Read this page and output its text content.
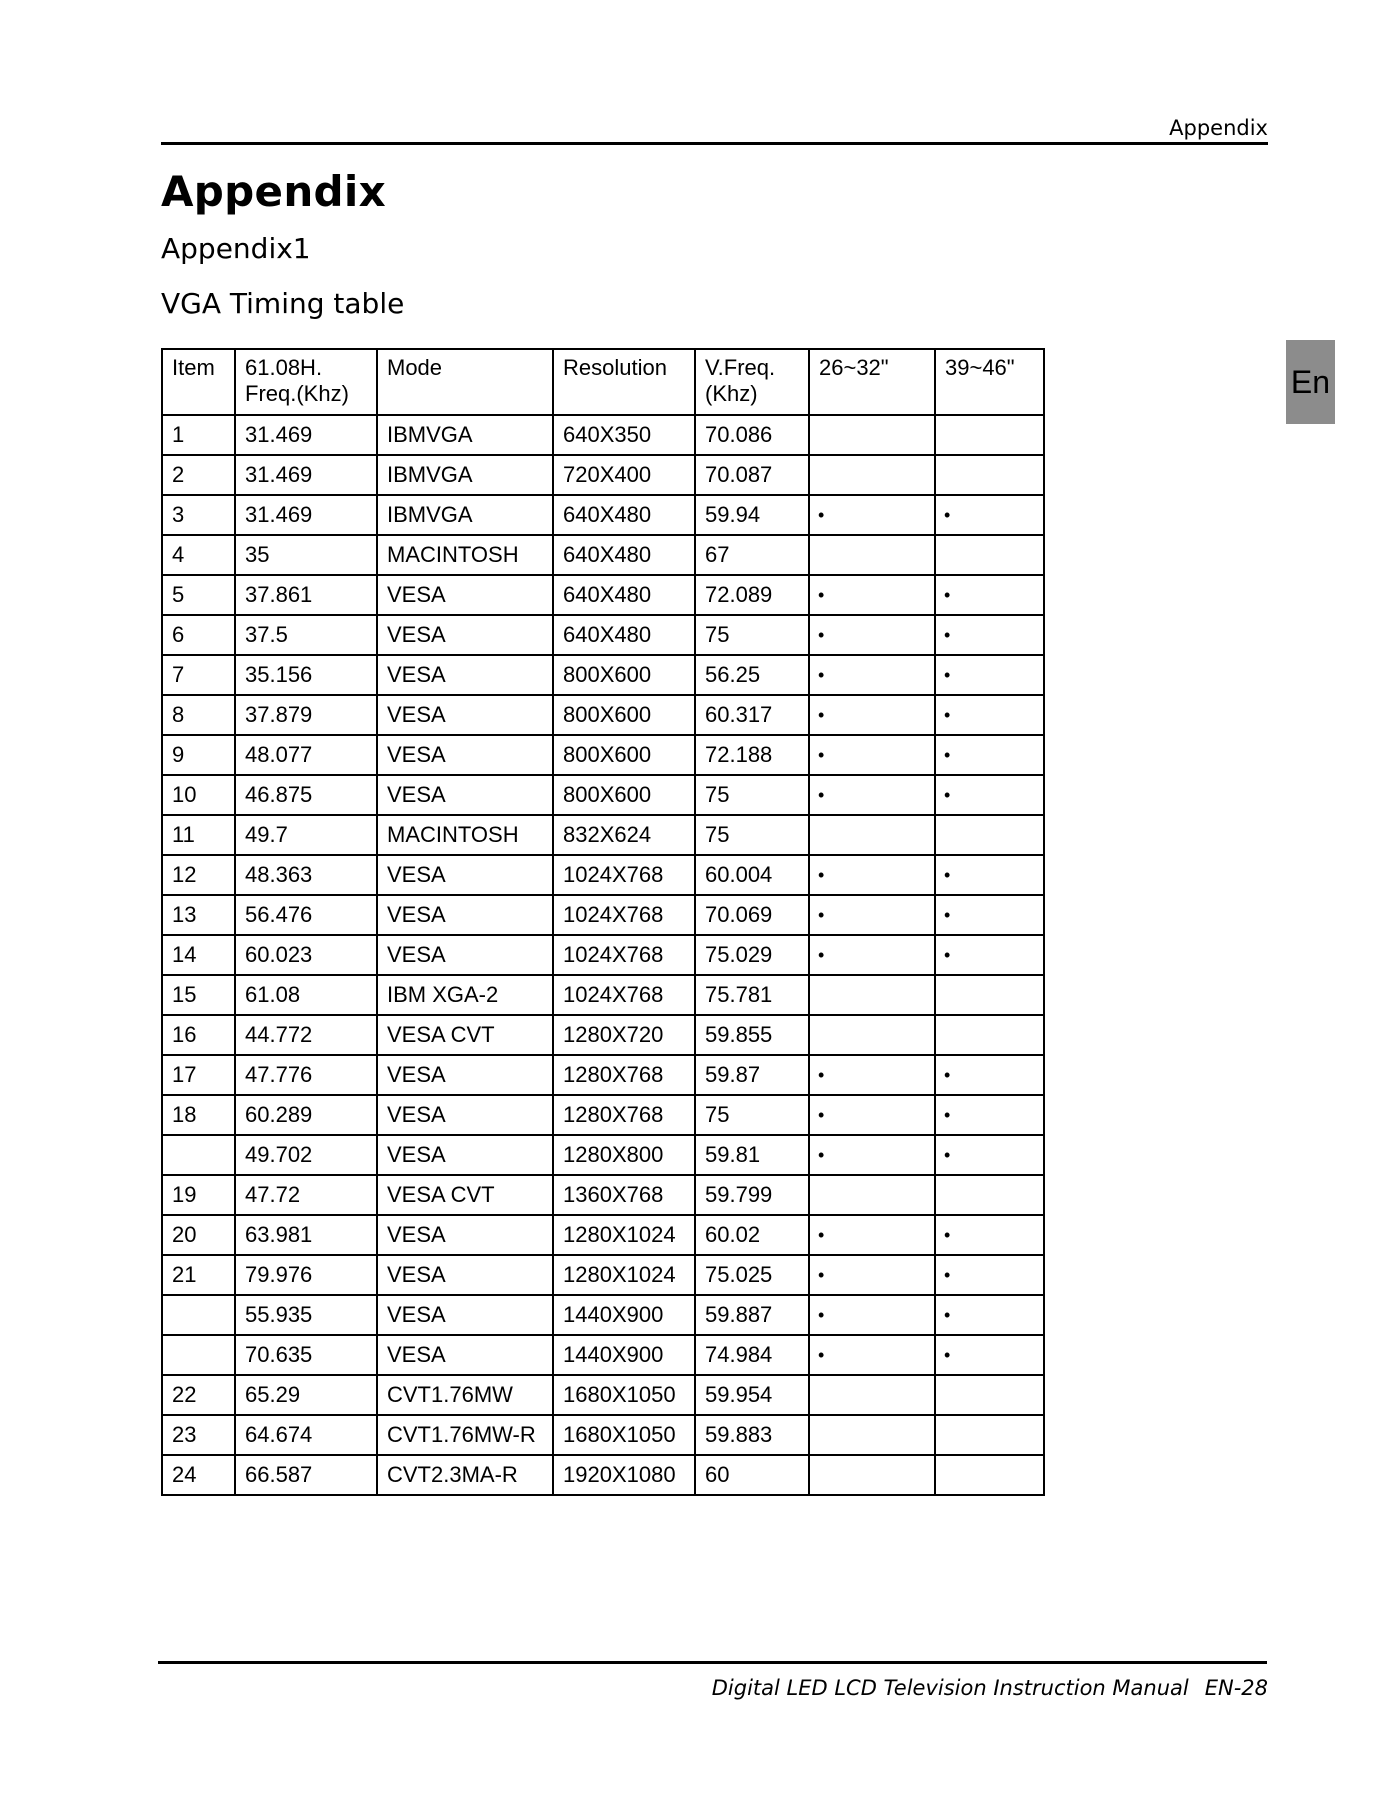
Appendix
Appendix
Appendix1
VGA Timing table
En
Item	61.08H. Freq.(Khz)	Mode	Resolution	V.Freq. (Khz)	26~32"	39~46"
1	31.469	IBMVGA	640X350	70.086		
2	31.469	IBMVGA	720X400	70.087		
3	31.469	IBMVGA	640X480	59.94	•	•
4	35	MACINTOSH	640X480	67		
5	37.861	VESA	640X480	72.089	•	•
6	37.5	VESA	640X480	75	•	•
7	35.156	VESA	800X600	56.25	•	•
8	37.879	VESA	800X600	60.317	•	•
9	48.077	VESA	800X600	72.188	•	•
10	46.875	VESA	800X600	75	•	•
11	49.7	MACINTOSH	832X624	75		
12	48.363	VESA	1024X768	60.004	•	•
13	56.476	VESA	1024X768	70.069	•	•
14	60.023	VESA	1024X768	75.029	•	•
15	61.08	IBM XGA-2	1024X768	75.781		
16	44.772	VESA CVT	1280X720	59.855		
17	47.776	VESA	1280X768	59.87	•	•
18	60.289	VESA	1280X768	75	•	•
	49.702	VESA	1280X800	59.81	•	•
19	47.72	VESA CVT	1360X768	59.799		
20	63.981	VESA	1280X1024	60.02	•	•
21	79.976	VESA	1280X1024	75.025	•	•
	55.935	VESA	1440X900	59.887	•	•
	70.635	VESA	1440X900	74.984	•	•
22	65.29	CVT1.76MW	1680X1050	59.954		
23	64.674	CVT1.76MW-R	1680X1050	59.883		
24	66.587	CVT2.3MA-R	1920X1080	60		
Digital LED LCD Television Instruction Manual EN-28
